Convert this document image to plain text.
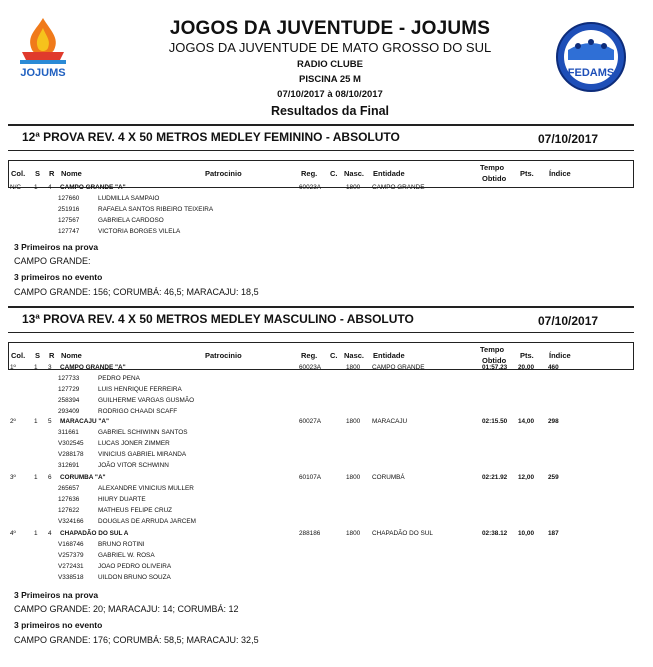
JOJUMS	FEDAMS
JOGOS DA JUVENTUDE - JOJUMS
JOGOS DA JUVENTUDE DE MATO GROSSO DO SUL
RADIO CLUBE
PISCINA 25 M
07/10/2017 à 08/10/2017
Resultados da Final
12ª PROVA REV. 4 X 50 METROS MEDLEY FEMININO - ABSOLUTO	07/10/2017
Col. S R Nome	Patrocinio	Reg. C. Nasc. Entidade	Pts. Índice
Tempo
Obtido
N/C 1 4 CAMPO GRANDE "A"	60023A	1800 CAMPO GRANDE
127660	LUDMILLA SAMPAIO
251916	RAFAELA SANTOS RIBEIRO TEIXEIRA
127567	GABRIELA CARDOSO
127747	VICTORIA BORGES VILELA
3 Primeiros na prova
CAMPO GRANDE:
3 primeiros no evento
CAMPO GRANDE: 156; CORUMBÁ: 46,5; MARACAJU: 18,5
13ª PROVA REV. 4 X 50 METROS MEDLEY MASCULINO - ABSOLUTO	07/10/2017
Col. S R Nome	Patrocinio	Reg. C. Nasc. Entidade	Pts. Índice
Tempo
Obtido
1º	1 3 CAMPO GRANDE "A"	60023A	1800 CAMPO GRANDE	01:57.23 20,00 460
127733	PEDRO PENA
127729	LUIS HENRIQUE FERREIRA
258394	GUILHERME VARGAS GUSMÃO
293409	RODRIGO CHAADI SCAFF
2º	1 5 MARACAJU "A"	60027A	1800 MARACAJU	02:15.50 14,00 298
311661	GABRIEL SCHIWINN SANTOS
V302545 LUCAS JONER ZIMMER
V288178 VINICIUS GABRIEL MIRANDA
312691	JOÃO VITOR SCHWINN
3º	1 6 CORUMBA "A"	60107A	1800 CORUMBÁ	02:21.92 12,00 259
265657	ALEXANDRE VINICIUS MULLER
127636	HIURY DUARTE
127622	MATHEUS FELIPE CRUZ
V324166 DOUGLAS DE ARRUDA JARCEM
4º	1 4 CHAPADÃO DO SUL A	288186	1800 CHAPADÃO DO SUL	02:38.12 10,00 187
V168746 BRUNO ROTINI
V257379 GABRIEL W. ROSA
V272431 JOAO PEDRO OLIVEIRA
V338518 UILDON BRUNO SOUZA
3 Primeiros na prova
CAMPO GRANDE: 20; MARACAJU: 14; CORUMBÁ: 12
3 primeiros no evento
CAMPO GRANDE: 176; CORUMBÁ: 58,5; MARACAJU: 32,5
